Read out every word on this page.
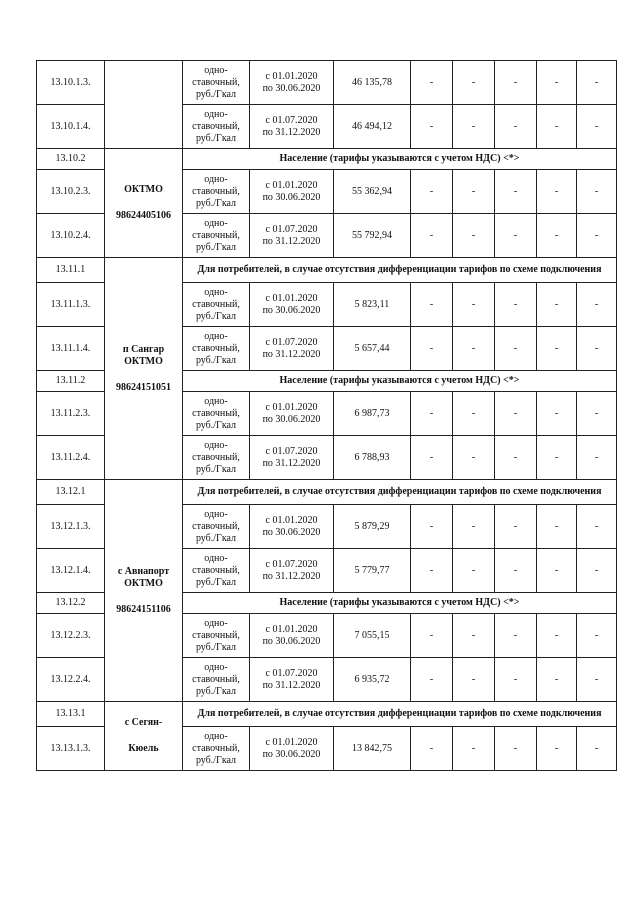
13.10.1.3.		одно-
ставочный,
руб./Гкал	с 01.01.2020
по 30.06.2020	46 135,78	-	-	-	-	-
13.10.1.4.		одно-
ставочный,
руб./Гкал	с 01.07.2020
по 31.12.2020	46 494,12	-	-	-	-	-
13.10.2	ОКТМО
98624405106	Население (тарифы указываются с учетом НДС) <*>							
13.10.2.3.		одно-
ставочный,
руб./Гкал	с 01.01.2020
по 30.06.2020	55 362,94	-	-	-	-	-
13.10.2.4.		одно-
ставочный,
руб./Гкал	с 01.07.2020
по 31.12.2020	55 792,94	-	-	-	-	-
13.11.1	п Сангар
ОКТМО
98624151051	Для потребителей, в случае отсутствия дифференциации тарифов по схеме подключения							
13.11.1.3.		одно-
ставочный,
руб./Гкал	с 01.01.2020
по 30.06.2020	5 823,11	-	-	-	-	-
13.11.1.4.		одно-
ставочный,
руб./Гкал	с 01.07.2020
по 31.12.2020	5 657,44	-	-	-	-	-
13.11.2		Население (тарифы указываются с учетом НДС) <*>							
13.11.2.3.		одно-
ставочный,
руб./Гкал	с 01.01.2020
по 30.06.2020	6 987,73	-	-	-	-	-
13.11.2.4.		одно-
ставочный,
руб./Гкал	с 01.07.2020
по 31.12.2020	6 788,93	-	-	-	-	-
13.12.1	с Авиапорт
ОКТМО
98624151106	Для потребителей, в случае отсутствия дифференциации тарифов по схеме подключения							
13.12.1.3.		одно-
ставочный,
руб./Гкал	с 01.01.2020
по 30.06.2020	5 879,29	-	-	-	-	-
13.12.1.4.		одно-
ставочный,
руб./Гкал	с 01.07.2020
по 31.12.2020	5 779,77	-	-	-	-	-
13.12.2		Население (тарифы указываются с учетом НДС) <*>							
13.12.2.3.		одно-
ставочный,
руб./Гкал	с 01.01.2020
по 30.06.2020	7 055,15	-	-	-	-	-
13.12.2.4.		одно-
ставочный,
руб./Гкал	с 01.07.2020
по 31.12.2020	6 935,72	-	-	-	-	-
13.13.1	с Сегян-
Кюель	Для потребителей, в случае отсутствия дифференциации тарифов по схеме подключения							
13.13.1.3.		одно-
ставочный,
руб./Гкал	с 01.01.2020
по 30.06.2020	13 842,75	-	-	-	-	-
